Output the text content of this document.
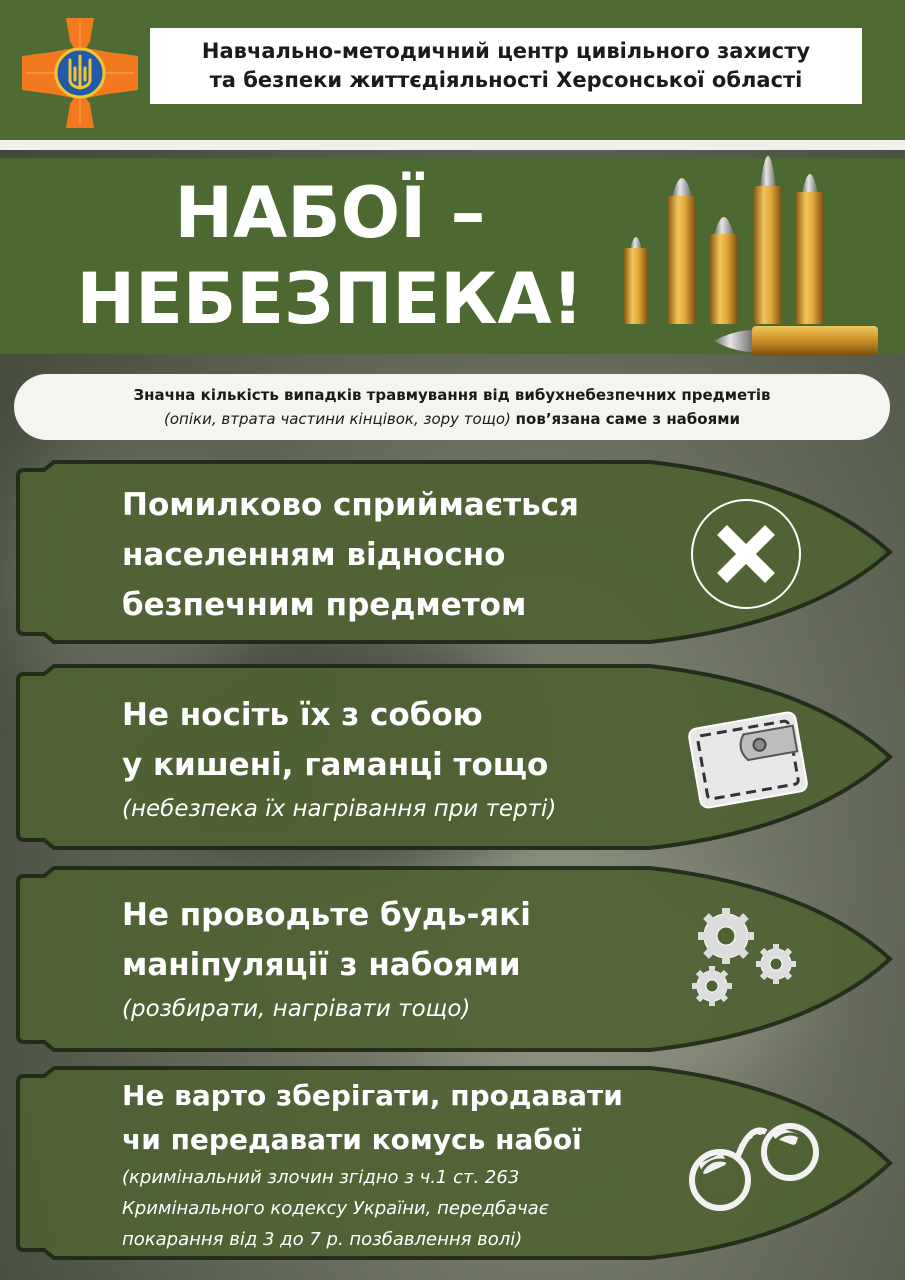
Навчально-методичний центр цивільного захисту
та безпеки життєдіяльності Херсонської області
НАБОЇ –
НЕБЕЗПЕКА!
Значна кількість випадків травмування від вибухнебезпечних предметів
(опіки, втрата частини кінцівок, зору тощо) пов’язана саме з набоями
Помилково сприймається
населенням відносно
безпечним предметом
Не носіть їх з собою
у кишені, гаманці тощо
(небезпека їх нагрівання при терті)
Не проводьте будь-які
маніпуляції з набоями
(розбирати, нагрівати тощо)
Не варто зберігати, продавати
чи передавати комусь набої
(кримінальний злочин згідно з ч.1 ст. 263
Кримінального кодексу України, передбачає
покарання від 3 до 7 р. позбавлення волі)
